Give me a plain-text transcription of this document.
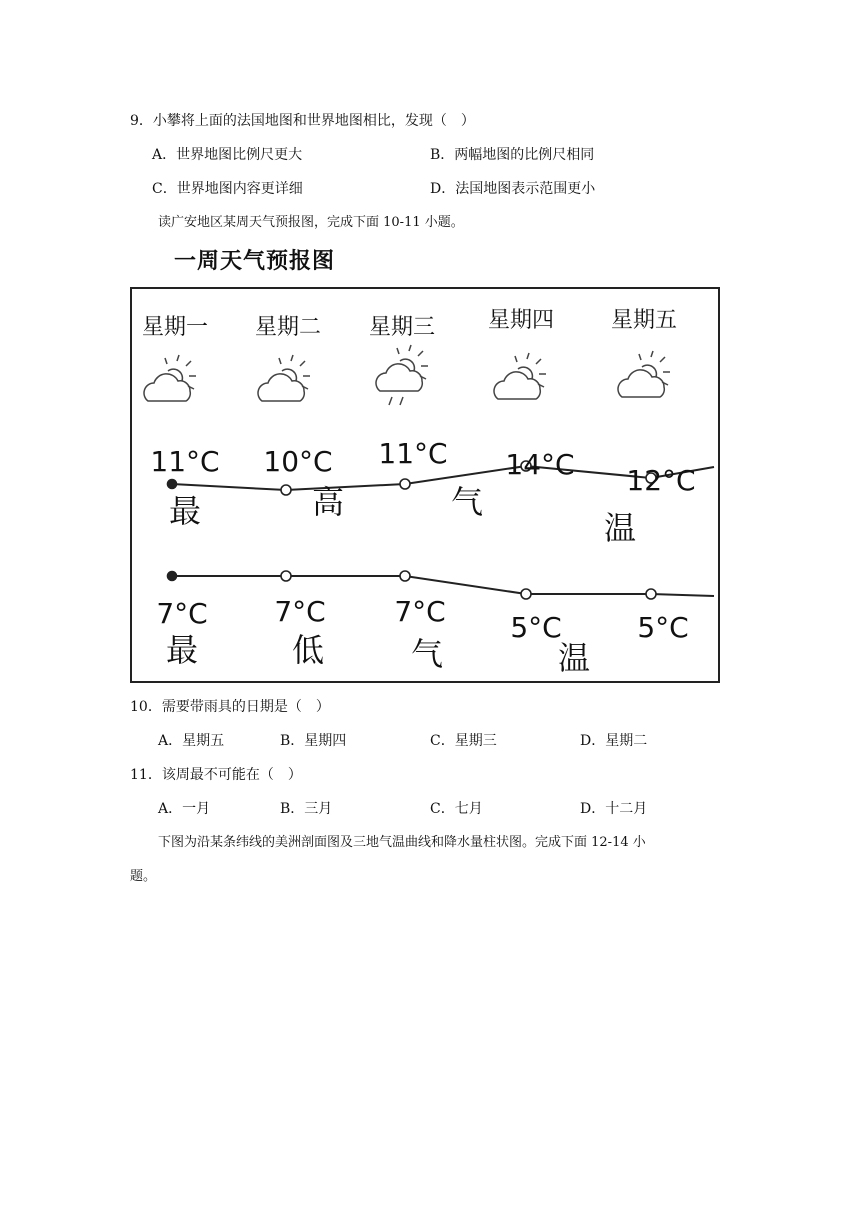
9．小攀将上面的法国地图和世界地图相比，发现（　）
A．世界地图比例尺更大	B．两幅地图的比例尺相同
C．世界地图内容更详细	D．法国地图表示范围更小
读广安地区某周天气预报图，完成下面 10-11 小题。
一周天气预报图
星期一 星期二 星期三 星期四	星期五
11°C 10°C 11°C 14°C 12°C
最	高	气
温
7°C 7°C 7°C 5°C	5°C
最	低	气	温
10．需要带雨具的日期是（　）
A．星期五	B．星期四	C．星期三	D．星期二
11．该周最不可能在（　）
A．一月	B．三月	C．七月	D．十二月
下图为沿某条纬线的美洲剖面图及三地气温曲线和降水量柱状图。完成下面 12-14 小
题。
